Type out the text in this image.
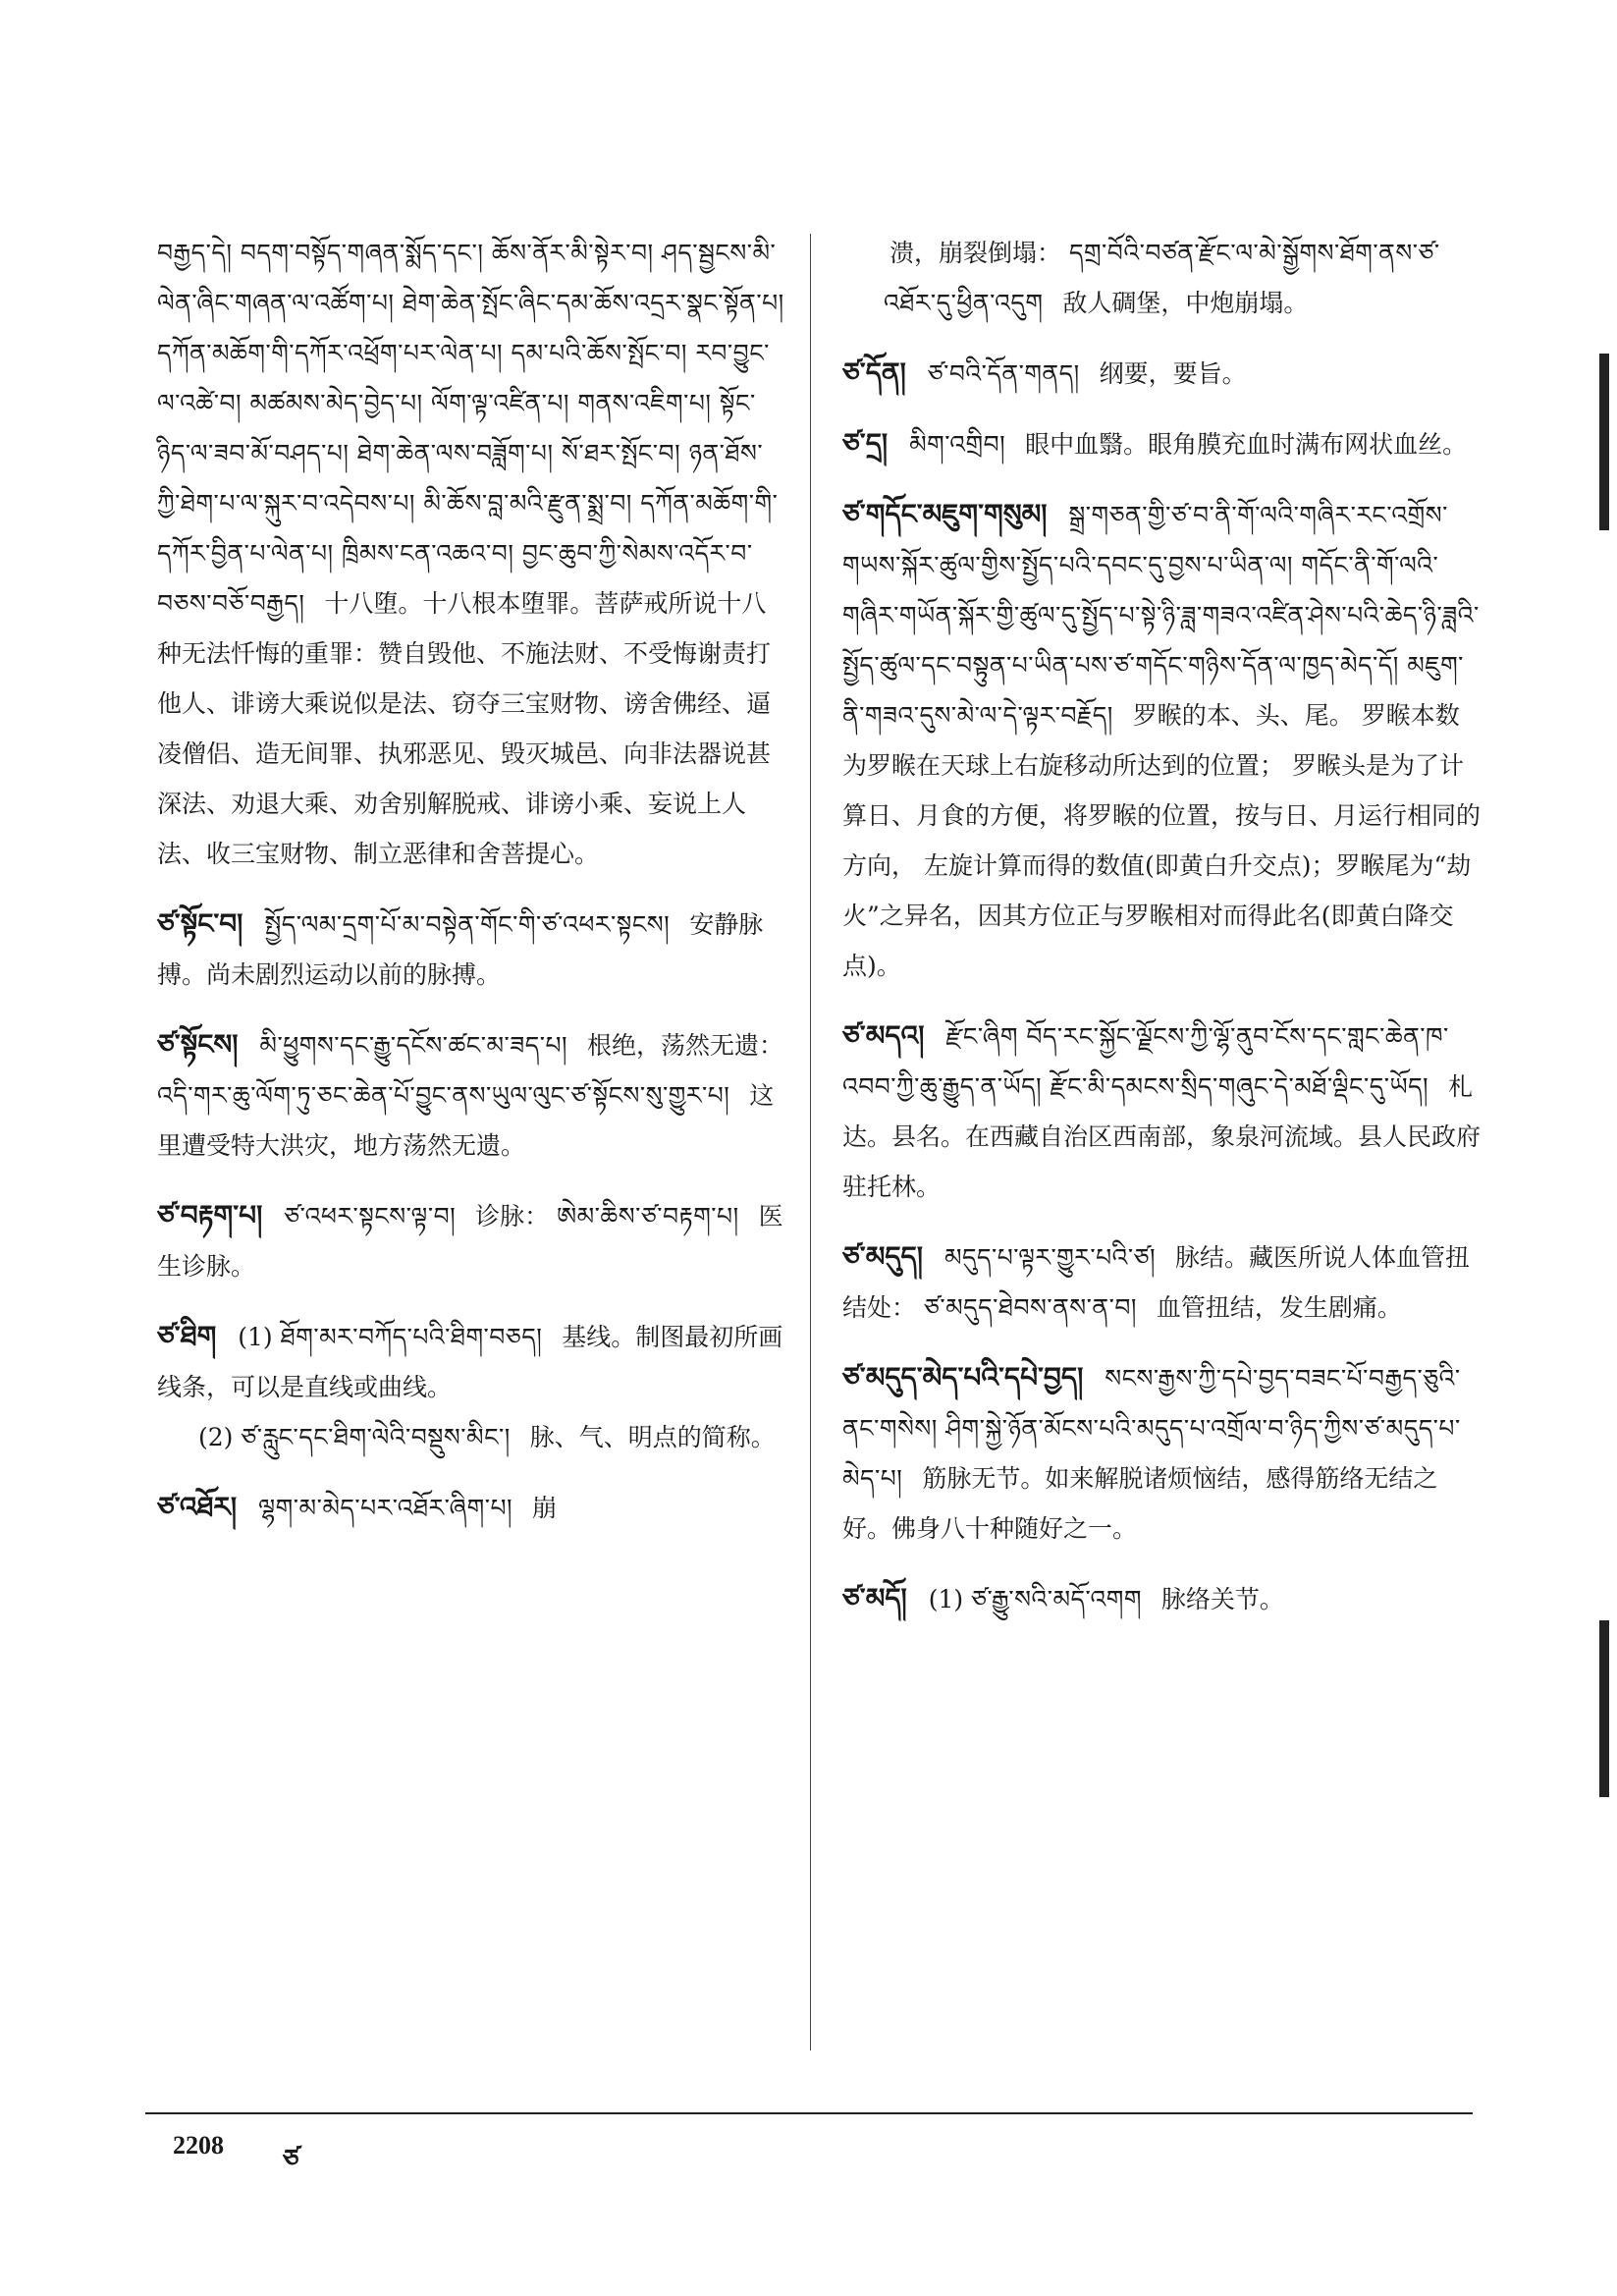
བརྒྱད་དེ། བདག་བསྟོད་གཞན་སྨོད་དང་། ཆོས་ནོར་མི་སྟེར་བ། ཤད་སྦྱངས་མི་ལེན་ཞིང་གཞན་ལ་འཚོག་པ། ཐེག་ཆེན་སྤོང་ཞིང་དམ་ཆོས་འདྲར་སྣང་སྟོན་པ། དཀོན་མཆོག་གི་དཀོར་འཕྲོག་པར་ལེན་པ། དམ་པའི་ཆོས་སྤོང་བ། རབ་བྱུང་ལ་འཚེ་བ། མཚམས་མེད་བྱེད་པ། ལོག་ལྟ་འཛིན་པ། གནས་འཇིག་པ། སྟོང་ཉིད་ལ་ཟབ་མོ་བཤད་པ། ཐེག་ཆེན་ལས་བཟློག་པ། སོ་ཐར་སྤོང་བ། ཉན་ཐོས་ཀྱི་ཐེག་པ་ལ་སྐུར་བ་འདེབས་པ། མི་ཆོས་བླ་མའི་རྫུན་སྨྲ་བ། དཀོན་མཆོག་གི་དཀོར་བྱིན་པ་ལེན་པ། ཁྲིམས་ངན་འཆའ་བ། བྱང་ཆུབ་ཀྱི་སེམས་འདོར་བ་བཅས་བཅོ་བརྒྱད། 十八堕。十八根本堕罪。菩萨戒所说十八种无法忏悔的重罪：赞自毁他、不施法财、不受悔谢责打他人、诽谤大乘说似是法、窃夺三宝财物、谤舍佛经、逼凌僧侣、造无间罪、执邪恶见、毁灭城邑、向非法器说甚深法、劝退大乘、劝舍别解脱戒、诽谤小乘、妄说上人法、收三宝财物、制立恶律和舍菩提心。
ཙ་སྟོང་བ། སྤྱོད་ལམ་དྲག་པོ་མ་བསྟེན་གོང་གི་ཙ་འཕར་སྟངས། 安静脉搏。尚未剧烈运动以前的脉搏。
ཙ་སྟོངས། མི་ཕྱུགས་དང་རྒྱུ་དངོས་ཚང་མ་ཟད་པ། 根绝，荡然无遗： འདི་གར་ཆུ་ལོག་ཏུ་ཅང་ཆེན་པོ་བྱུང་ནས་ཡུལ་ལུང་ཙ་སྟོངས་སུ་གྱུར་པ། 这里遭受特大洪灾，地方荡然无遗。
ཙ་བརྟག་པ། ཙ་འཕར་སྟངས་ལྟ་བ། 诊脉： ཨེམ་ཆིས་ཙ་བརྟག་པ། 医生诊脉。
ཙ་ཐིག (1) ཐོག་མར་བཀོད་པའི་ཐིག་བཅད། 基线。制图最初所画线条，可以是直线或曲线。
(2) ཙ་རླུང་དང་ཐིག་ལེའི་བསྡུས་མིང་། 脉、气、明点的简称。
ཙ་འཐོར། ལྷག་མ་མེད་པར་འཐོར་ཞིག་པ། 崩
溃，崩裂倒塌： དགྲ་བོའི་བཙན་རྫོང་ལ་མེ་སྒྱོགས་ཐོག་ནས་ཙ་འཐོར་དུ་ཕྱིན་འདུག 敌人碉堡，中炮崩塌。
ཙ་དོན། ཙ་བའི་དོན་གནད། 纲要，要旨。
ཙ་དྲ། མིག་འགྲིབ། 眼中血翳。眼角膜充血时满布网状血丝。
ཙ་གདོང་མཇུག་གསུམ། སྒྲ་གཅན་གྱི་ཙ་བ་ནི་གོ་ལའི་གཞིར་རང་འགྲོས་གཡས་སྐོར་ཚུལ་གྱིས་སྤྱོད་པའི་དབང་དུ་བྱས་པ་ཡིན་ལ། གདོང་ནི་གོ་ལའི་གཞིར་གཡོན་སྐོར་གྱི་ཚུལ་དུ་སྤྱོད་པ་སྟེ་ཉི་ཟླ་གཟའ་འཛིན་ཤེས་པའི་ཆེད་ཉི་ཟླའི་སྤྱོད་ཚུལ་དང་བསྟུན་པ་ཡིན་པས་ཙ་གདོང་གཉིས་དོན་ལ་ཁྱད་མེད་དོ། མཇུག་ནི་གཟའ་དུས་མེ་ལ་དེ་ལྟར་བརྗོད། 罗睺的本、头、尾。 罗睺本数为罗睺在天球上右旋移动所达到的位置； 罗睺头是为了计算日、月食的方便，将罗睺的位置，按与日、月运行相同的方向， 左旋计算而得的数值(即黄白升交点)；罗睺尾为“劫火”之异名，因其方位正与罗睺相对而得此名(即黄白降交点)。
ཙ་མདའ། རྫོང་ཞིག བོད་རང་སྐྱོང་ལྗོངས་ཀྱི་ལྷོ་ནུབ་ངོས་དང་གླང་ཆེན་ཁ་འབབ་ཀྱི་ཆུ་རྒྱུད་ན་ཡོད། རྫོང་མི་དམངས་སྲིད་གཞུང་དེ་མཐོ་ལྡིང་དུ་ཡོད། 札达。县名。在西藏自治区西南部，象泉河流域。县人民政府驻托林。
ཙ་མདུད། མདུད་པ་ལྟར་གྱུར་པའི་ཙ། 脉结。藏医所说人体血管扭结处： ཙ་མདུད་ཐེབས་ནས་ན་བ། 血管扭结，发生剧痛。
ཙ་མདུད་མེད་པའི་དཔེ་བྱད། སངས་རྒྱས་ཀྱི་དཔེ་བྱད་བཟང་པོ་བརྒྱད་ཅུའི་ནང་གསེས། ཤིག་སྐྱེ་ཉོན་མོངས་པའི་མདུད་པ་འགྲོལ་བ་ཉིད་ཀྱིས་ཙ་མདུད་པ་མེད་པ། 筋脉无节。如来解脱诸烦恼结，感得筋络无结之好。佛身八十种随好之一。
ཙ་མདོ། (1) ཙ་རྒྱུ་སའི་མདོ་འགག 脉络关节。
2208 ཙ
